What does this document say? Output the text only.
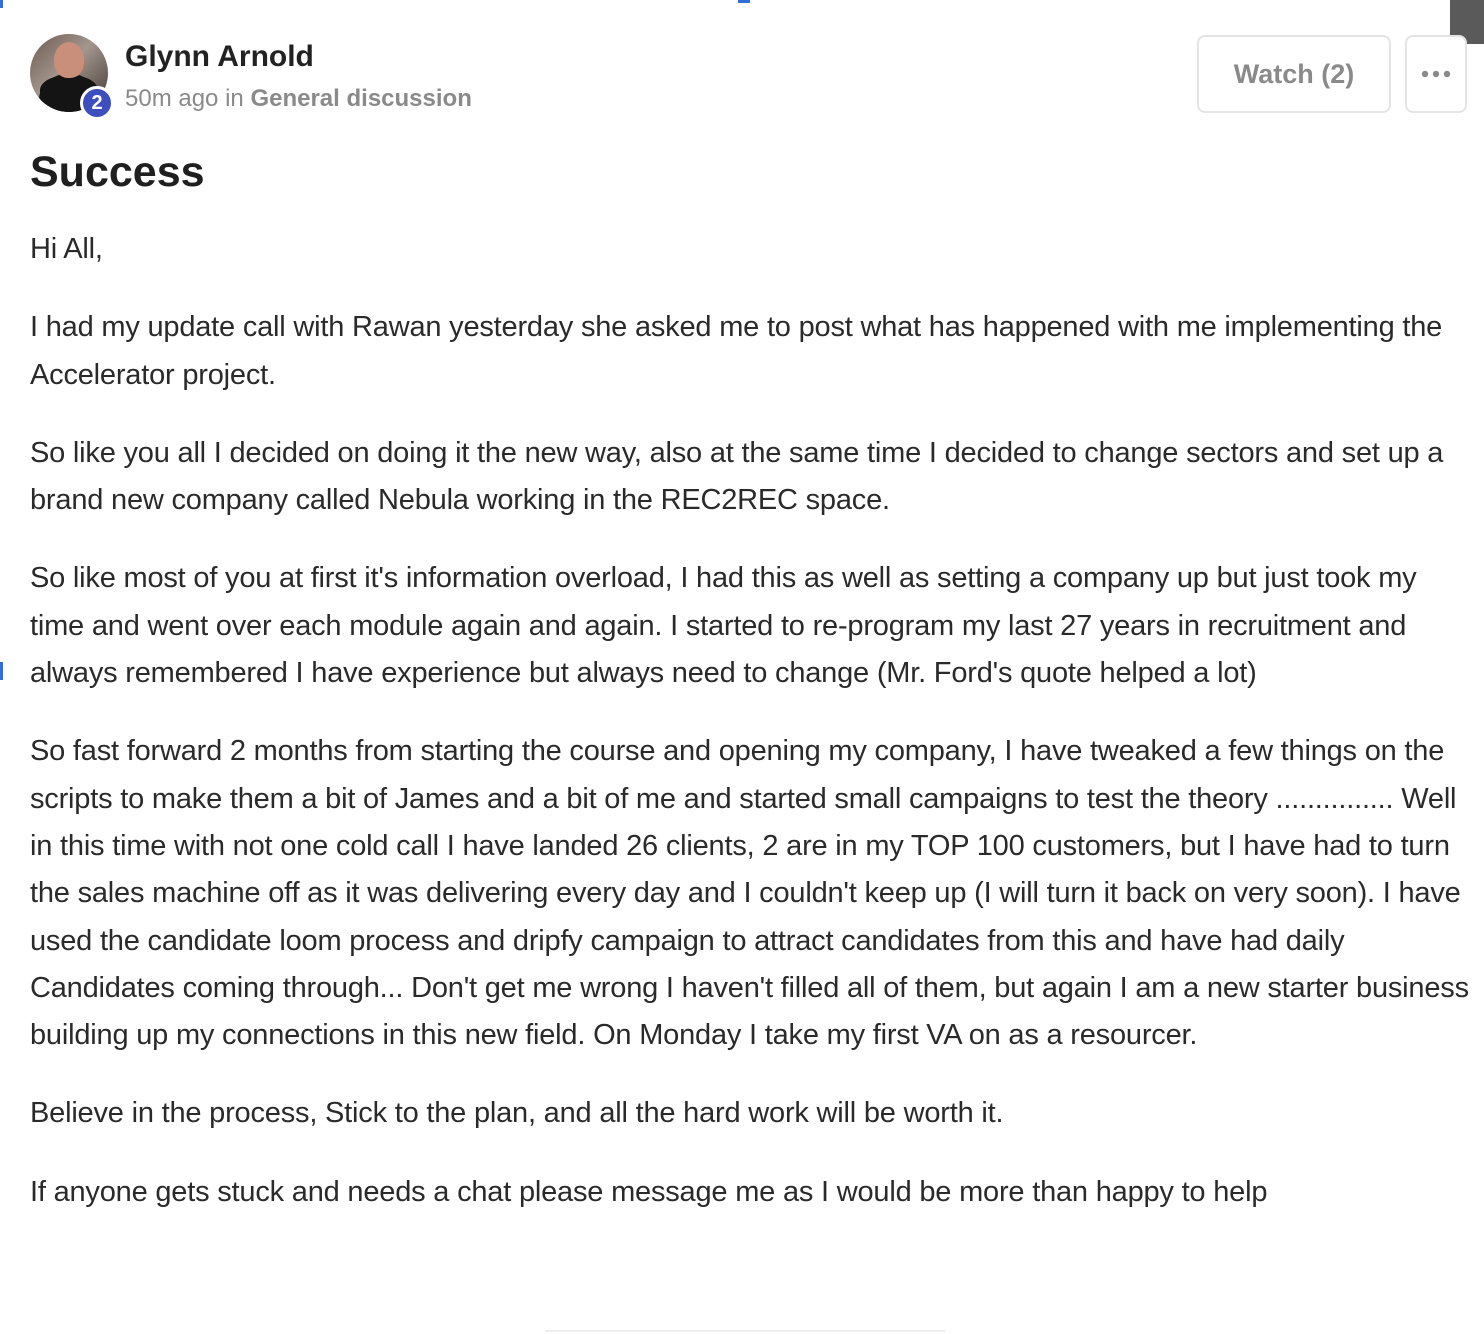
2
Glynn Arnold
50m ago in General discussion
Watch (2)
Success

Hi All,

I had my update call with Rawan yesterday she asked me to post what has happened with me implementing the Accelerator project.

So like you all I decided on doing it the new way, also at the same time I decided to change sectors and set up a brand new company called Nebula working in the REC2REC space.

So like most of you at first it's information overload, I had this as well as setting a company up but just took my time and went over each module again and again. I started to re-program my last 27 years in recruitment and always remembered I have experience but always need to change (Mr. Ford's quote helped a lot)

So fast forward 2 months from starting the course and opening my company, I have tweaked a few things on the scripts to make them a bit of James and a bit of me and started small campaigns to test the theory ............... Well in this time with not one cold call I have landed 26 clients, 2 are in my TOP 100 customers, but I have had to turn the sales machine off as it was delivering every day and I couldn't keep up (I will turn it back on very soon). I have used the candidate loom process and dripfy campaign to attract candidates from this and have had daily Candidates coming through... Don't get me wrong I haven't filled all of them, but again I am a new starter business building up my connections in this new field. On Monday I take my first VA on as a resourcer.

Believe in the process, Stick to the plan, and all the hard work will be worth it.

If anyone gets stuck and needs a chat please message me as I would be more than happy to help
